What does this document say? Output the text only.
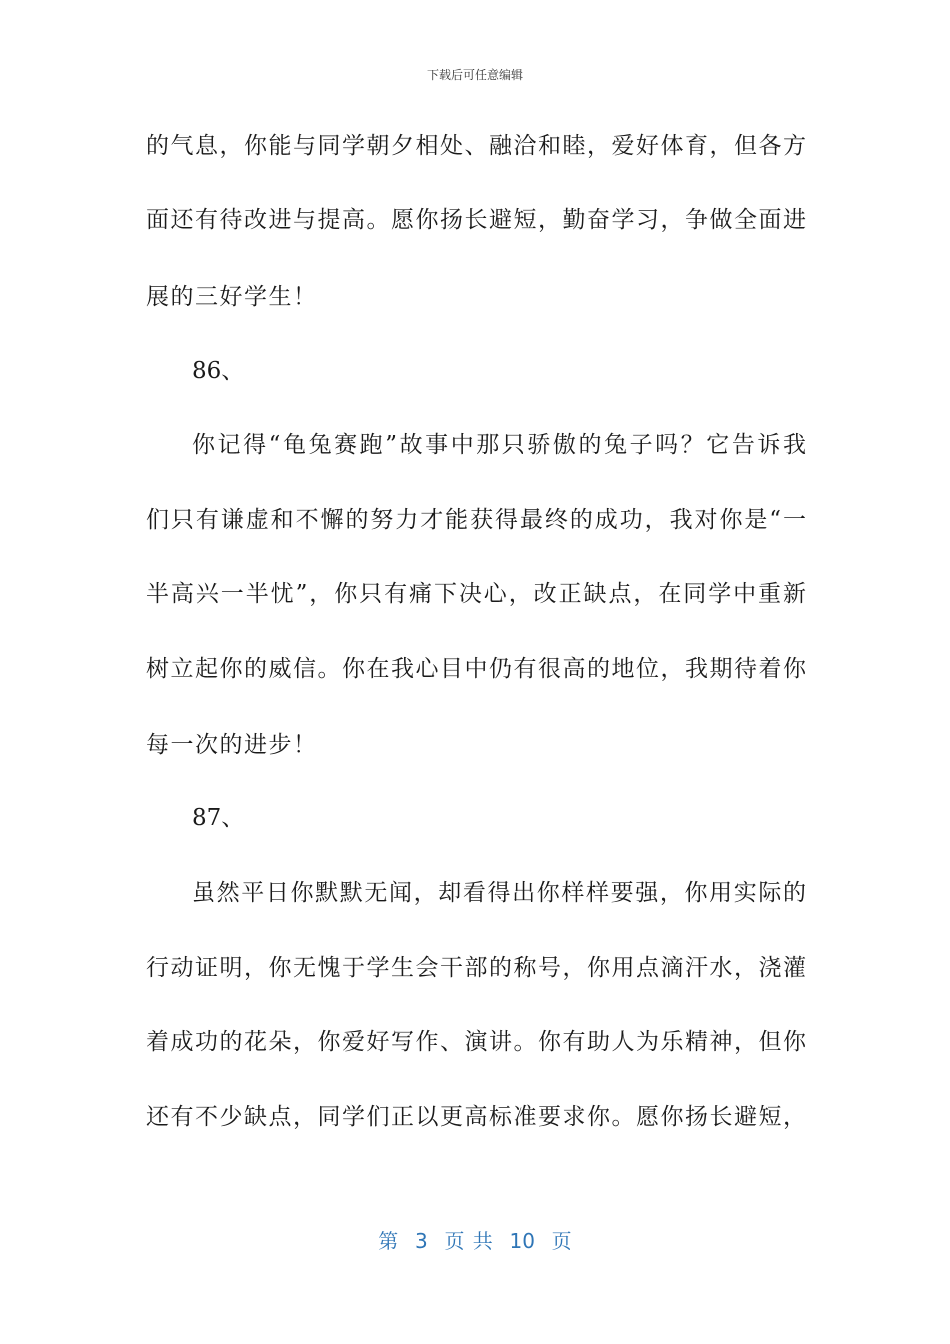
下载后可任意编辑
的气息，你能与同学朝夕相处、融洽和睦，爱好体育，但各方
面还有待改进与提高。愿你扬长避短，勤奋学习，争做全面进
展的三好学生！
86、
你记得“龟兔赛跑”故事中那只骄傲的兔子吗？它告诉我
们只有谦虚和不懈的努力才能获得最终的成功，我对你是“一
半高兴一半忧”，你只有痛下决心，改正缺点，在同学中重新
树立起你的威信。你在我心目中仍有很高的地位，我期待着你
每一次的进步！
87、
虽然平日你默默无闻，却看得出你样样要强，你用实际的
行动证明，你无愧于学生会干部的称号，你用点滴汗水，浇灌
着成功的花朵，你爱好写作、演讲。你有助人为乐精神，但你
还有不少缺点，同学们正以更高标准要求你。愿你扬长避短，
第  3  页 共  10  页
